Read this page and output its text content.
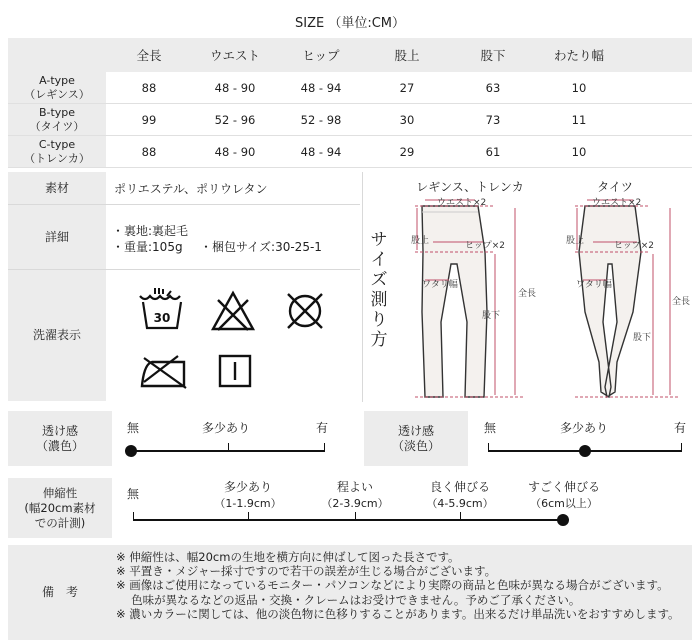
SIZE （単位:CM）
	全長	ウエスト	ヒップ	股上	股下	わたり幅	
A-type
（レギンス）	88	48 - 90	48 - 94	27	63	10	
B-type
（タイツ）	99	52 - 96	52 - 98	30	73	11	
C-type
（トレンカ）	88	48 - 90	48 - 94	29	61	10	
素材	ポリエステル、ポリウレタン
詳細	・裏地:裏起毛
・重量:105g ・梱包サイズ:30-25-1
洗濯表示
30
サ
イ
ズ
測
り
方
レギンス、トレンカ	タイツ
ウエスト×2
股上	ヒップ×2
ワタリ幅
股下
全長
ウエスト×2
股上	ヒップ×2
ワタリ幅
股下
全長
透け感
（濃色）
無	多少あり	有	透け感
（淡色）
無	多少あり	有
伸縮性
(幅20cm素材
での計測)
無	多少あり
（1-1.9cm）
程よい
（2-3.9cm）
良く伸びる
（4-5.9cm）
すごく伸びる
（6cm以上）
備　考
※ 伸縮性は、幅20cmの生地を横方向に伸ばして図った長さです。
※ 平置き・メジャー採寸ですので若干の誤差が生じる場合がございます。
※ 画像はご使用になっているモニター・パソコンなどにより実際の商品と色味が異なる場合がございます。
　 色味が異なるなどの返品・交換・クレームはお受けできません。予めご了承ください。
※ 濃いカラーに関しては、他の淡色物に色移りすることがあります。出来るだけ単品洗いをおすすめします。
